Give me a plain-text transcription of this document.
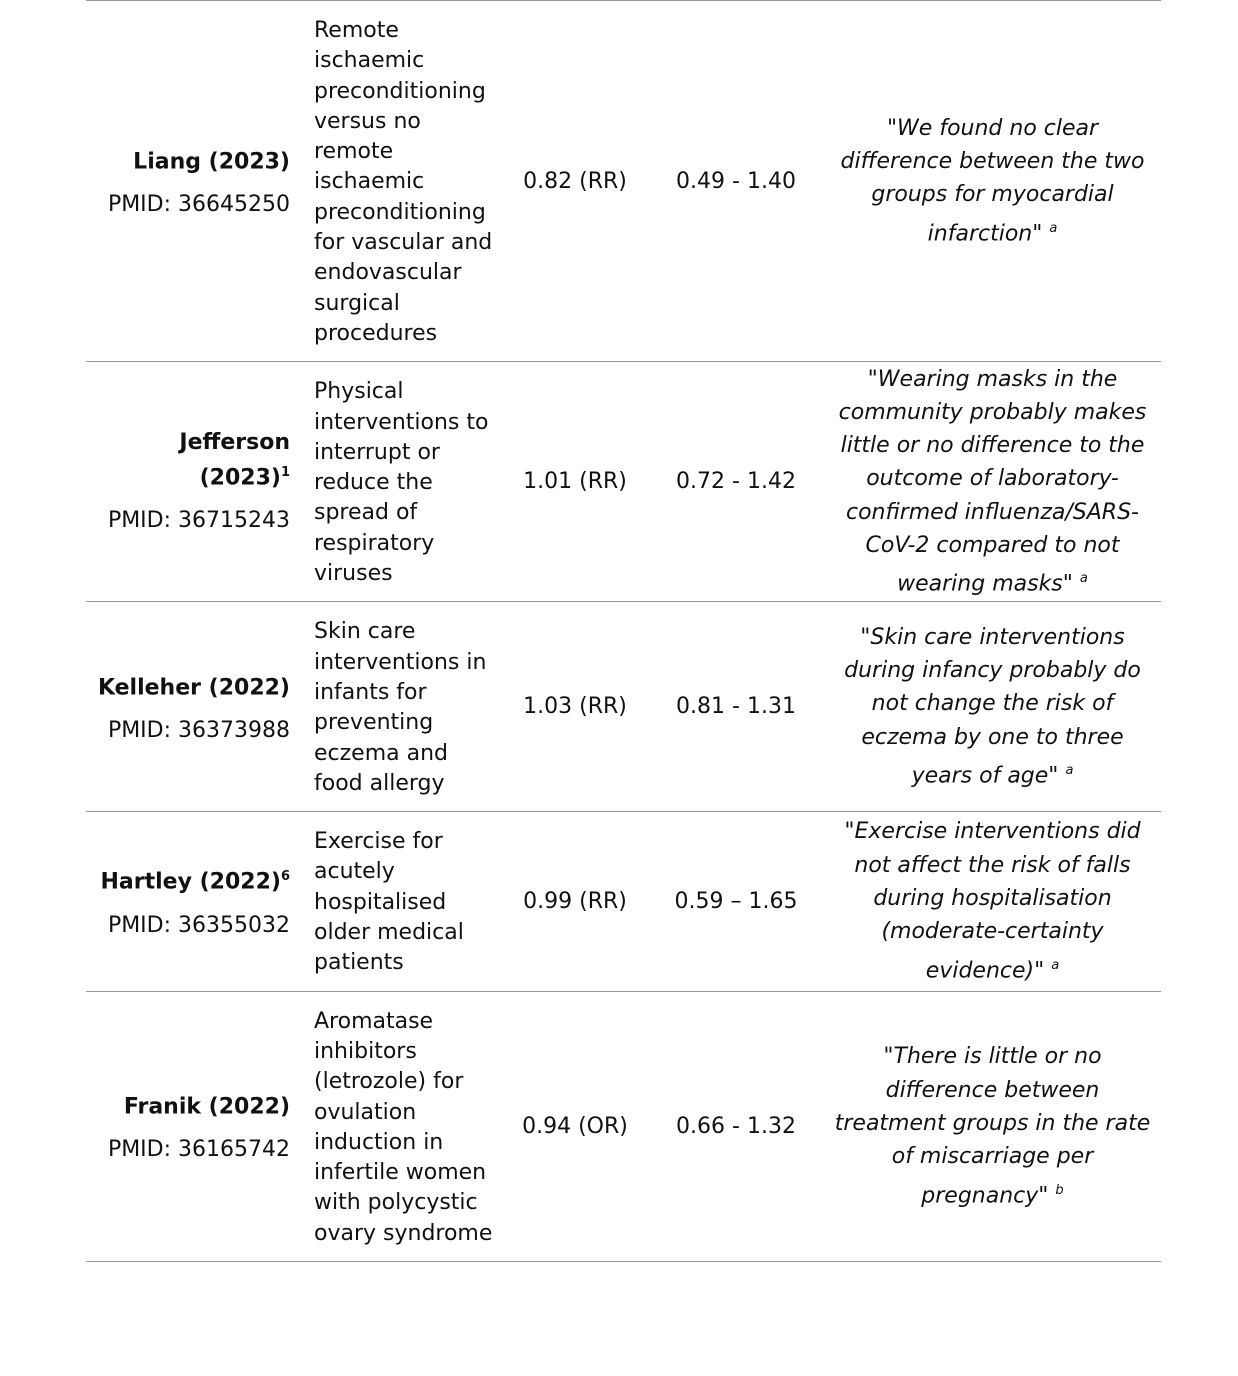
Liang (2023)
PMID: 36645250	Remote ischaemic preconditioning versus no remote ischaemic preconditioning for vascular and endovascular surgical procedures	0.82 (RR)	0.49 - 1.40	"We found no clear difference between the two groups for myocardial infarction" $^a$

Jefferson $(2023)^1$
PMID: 36715243	Physical interventions to interrupt or reduce the spread of respiratory viruses	1.01 (RR)	0.72 - 1.42	"Wearing masks in the community probably makes little or no difference to the outcome of laboratory-confirmed influenza/SARS-CoV-2 compared to not wearing masks" $^a$

Kelleher (2022)
PMID: 36373988	Skin care interventions in infants for preventing eczema and food allergy	1.03 (RR)	0.81 - 1.31	"Skin care interventions during infancy probably do not change the risk of eczema by one to three years of age" $^a$

Hartley $(2022)^6$
PMID: 36355032	Exercise for acutely hospitalised older medical patients	0.99 (RR)	0.59 – 1.65	"Exercise interventions did not affect the risk of falls during hospitalisation (moderate-certainty evidence)" $^a$

Franik (2022)
PMID: 36165742	Aromatase inhibitors (letrozole) for ovulation induction in infertile women with polycystic ovary syndrome	0.94 (OR)	0.66 - 1.32	"There is little or no difference between treatment groups in the rate of miscarriage per pregnancy" $^b$
